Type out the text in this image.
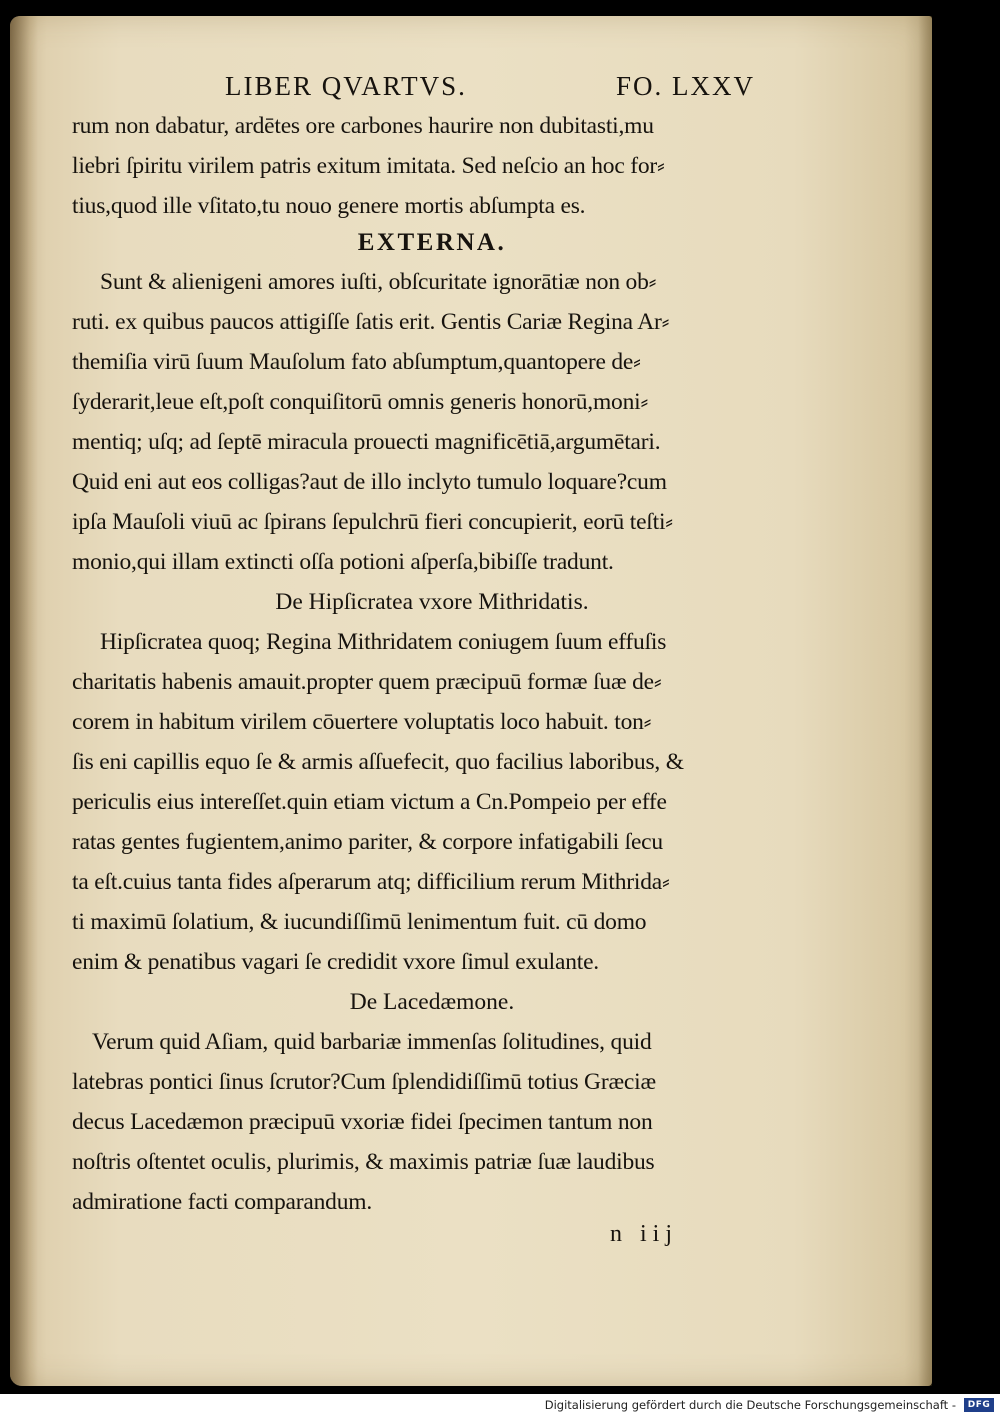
LIBER QVARTVS.	FO. LXXV
rum non dabatur, ardētes ore carbones haurire non dubitasti,mu
liebri ſpiritu virilem patris exitum imitata. Sed neſcio an hoc for⸗
tius,quod ille vſitato,tu nouo genere mortis abſumpta es.
EXTERNA.
Sunt & alienigeni amores iuſti, obſcuritate ignorātiæ non ob⸗
ruti. ex quibus paucos attigiſſe ſatis erit. Gentis Cariæ Regina Ar⸗
themiſia virū ſuum Mauſolum fato abſumptum,quantopere de⸗
ſyderarit,leue eſt,poſt conquiſitorū omnis generis honorū,moni⸗
mentiq; uſq; ad ſeptē miracula prouecti magnificētiā,argumētari.
Quid eni aut eos colligas?aut de illo inclyto tumulo loquare?cum
ipſa Mauſoli viuū ac ſpirans ſepulchrū fieri concupierit, eorū teſti⸗
monio,qui illam extincti oſſa potioni aſperſa,bibiſſe tradunt.
De Hipſicratea vxore Mithridatis.
Hipſicratea quoq; Regina Mithridatem coniugem ſuum effuſis
charitatis habenis amauit.propter quem præcipuū formæ ſuæ de⸗
corem in habitum virilem cōuertere voluptatis loco habuit. ton⸗
ſis eni capillis equo ſe & armis aſſuefecit, quo facilius laboribus, &
periculis eius intereſſet.quin etiam victum a Cn.Pompeio per effe
ratas gentes fugientem,animo pariter, & corpore infatigabili ſecu
ta eſt.cuius tanta fides aſperarum atq; difficilium rerum Mithrida⸗
ti maximū ſolatium, & iucundiſſimū lenimentum fuit. cū domo
enim & penatibus vagari ſe credidit vxore ſimul exulante.
De Lacedæmone.
Verum quid Aſiam, quid barbariæ immenſas ſolitudines, quid
latebras pontici ſinus ſcrutor?Cum ſplendidiſſimū totius Græciæ
decus Lacedæmon præcipuū vxoriæ fidei ſpecimen tantum non
noſtris oſtentet oculis, plurimis, & maximis patriæ ſuæ laudibus
admiratione facti comparandum.
n iij
Digitalisierung gefördert durch die Deutsche Forschungsgemeinschaft -	DFG
